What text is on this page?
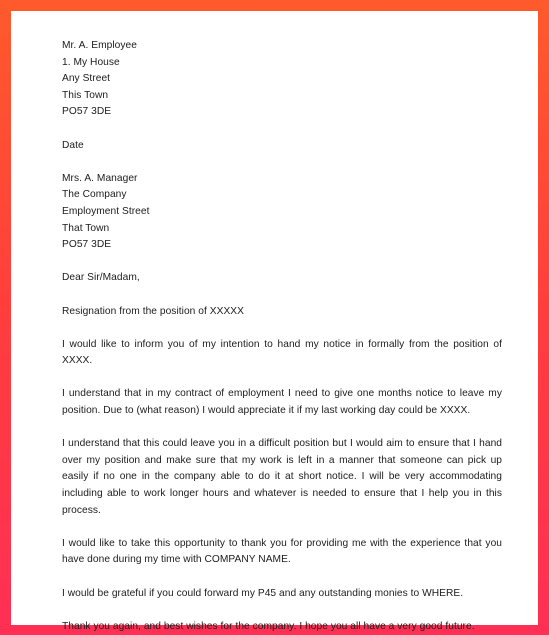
Mr. A. Employee
1. My House
Any Street
This Town
PO57 3DE
Date
Mrs. A. Manager
The Company
Employment Street
That Town
PO57 3DE
Dear Sir/Madam,
Resignation from the position of XXXXX

I would like to inform you of my intention to hand my notice in formally from the position of XXXX.

I understand that in my contract of employment I need to give one months notice to leave my position. Due to (what reason) I would appreciate it if my last working day could be XXXX.

I understand that this could leave you in a difficult position but I would aim to ensure that I hand over my position and make sure that my work is left in a manner that someone can pick up easily if no one in the company able to do it at short notice. I will be very accommodating including able to work longer hours and whatever is needed to ensure that I help you in this process.

I would like to take this opportunity to thank you for providing me with the experience that you have done during my time with COMPANY NAME.

I would be grateful if you could forward my P45 and any outstanding monies to WHERE.

Thank you again, and best wishes for the company. I hope you all have a very good future.
